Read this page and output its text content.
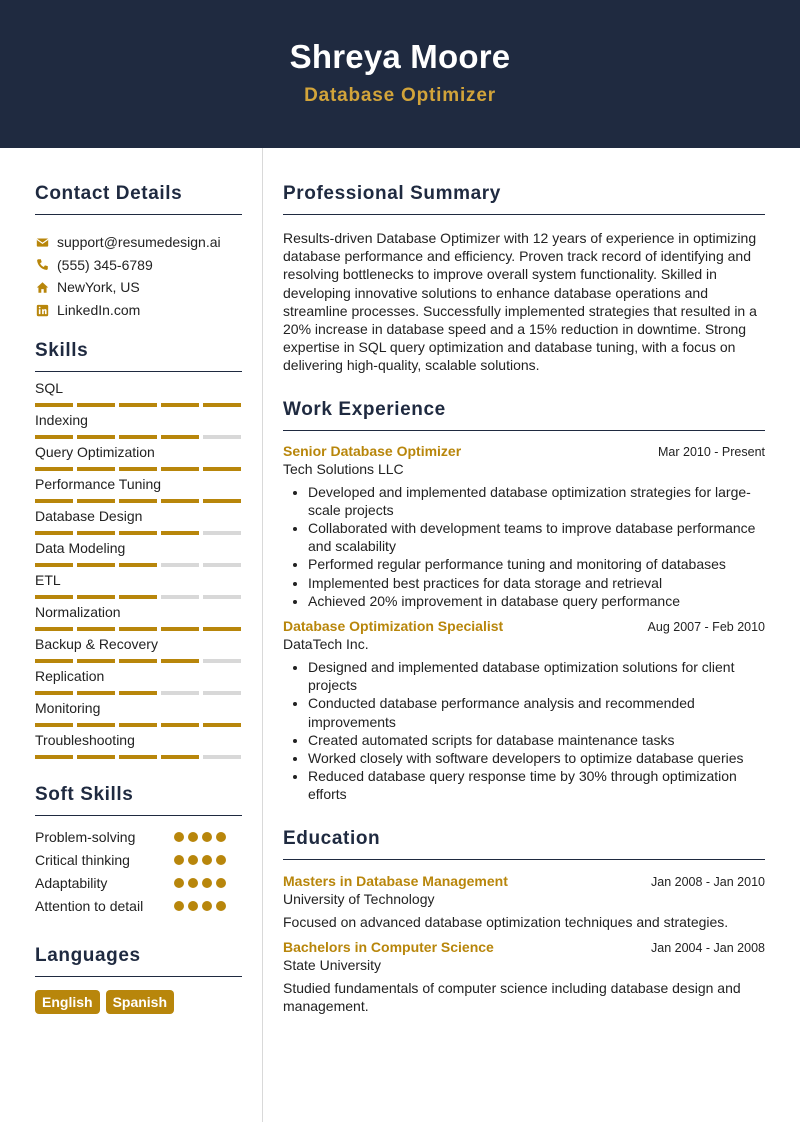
Shreya Moore
Database Optimizer
Contact Details
support@resumedesign.ai
(555) 345-6789
NewYork, US
LinkedIn.com
Skills
SQL
Indexing
Query Optimization
Performance Tuning
Database Design
Data Modeling
ETL
Normalization
Backup & Recovery
Replication
Monitoring
Troubleshooting
Soft Skills
Problem-solving
Critical thinking
Adaptability
Attention to detail
Languages
English	Spanish
Professional Summary
Results-driven Database Optimizer with 12 years of experience in optimizing database performance and efficiency. Proven track record of identifying and resolving bottlenecks to improve overall system functionality. Skilled in developing innovative solutions to enhance database operations and streamline processes. Successfully implemented strategies that resulted in a 20% increase in database speed and a 15% reduction in downtime. Strong expertise in SQL query optimization and database tuning, with a focus on delivering high-quality, scalable solutions.
Work Experience
Senior Database Optimizer	Mar 2010 - Present
Tech Solutions LLC
• Developed and implemented database optimization strategies for large-scale projects
• Collaborated with development teams to improve database performance and scalability
• Performed regular performance tuning and monitoring of databases
• Implemented best practices for data storage and retrieval
• Achieved 20% improvement in database query performance
Database Optimization Specialist	Aug 2007 - Feb 2010
DataTech Inc.
• Designed and implemented database optimization solutions for client projects
• Conducted database performance analysis and recommended improvements
• Created automated scripts for database maintenance tasks
• Worked closely with software developers to optimize database queries
• Reduced database query response time by 30% through optimization efforts
Education
Masters in Database Management	Jan 2008 - Jan 2010
University of Technology
Focused on advanced database optimization techniques and strategies.
Bachelors in Computer Science	Jan 2004 - Jan 2008
State University
Studied fundamentals of computer science including database design and management.
